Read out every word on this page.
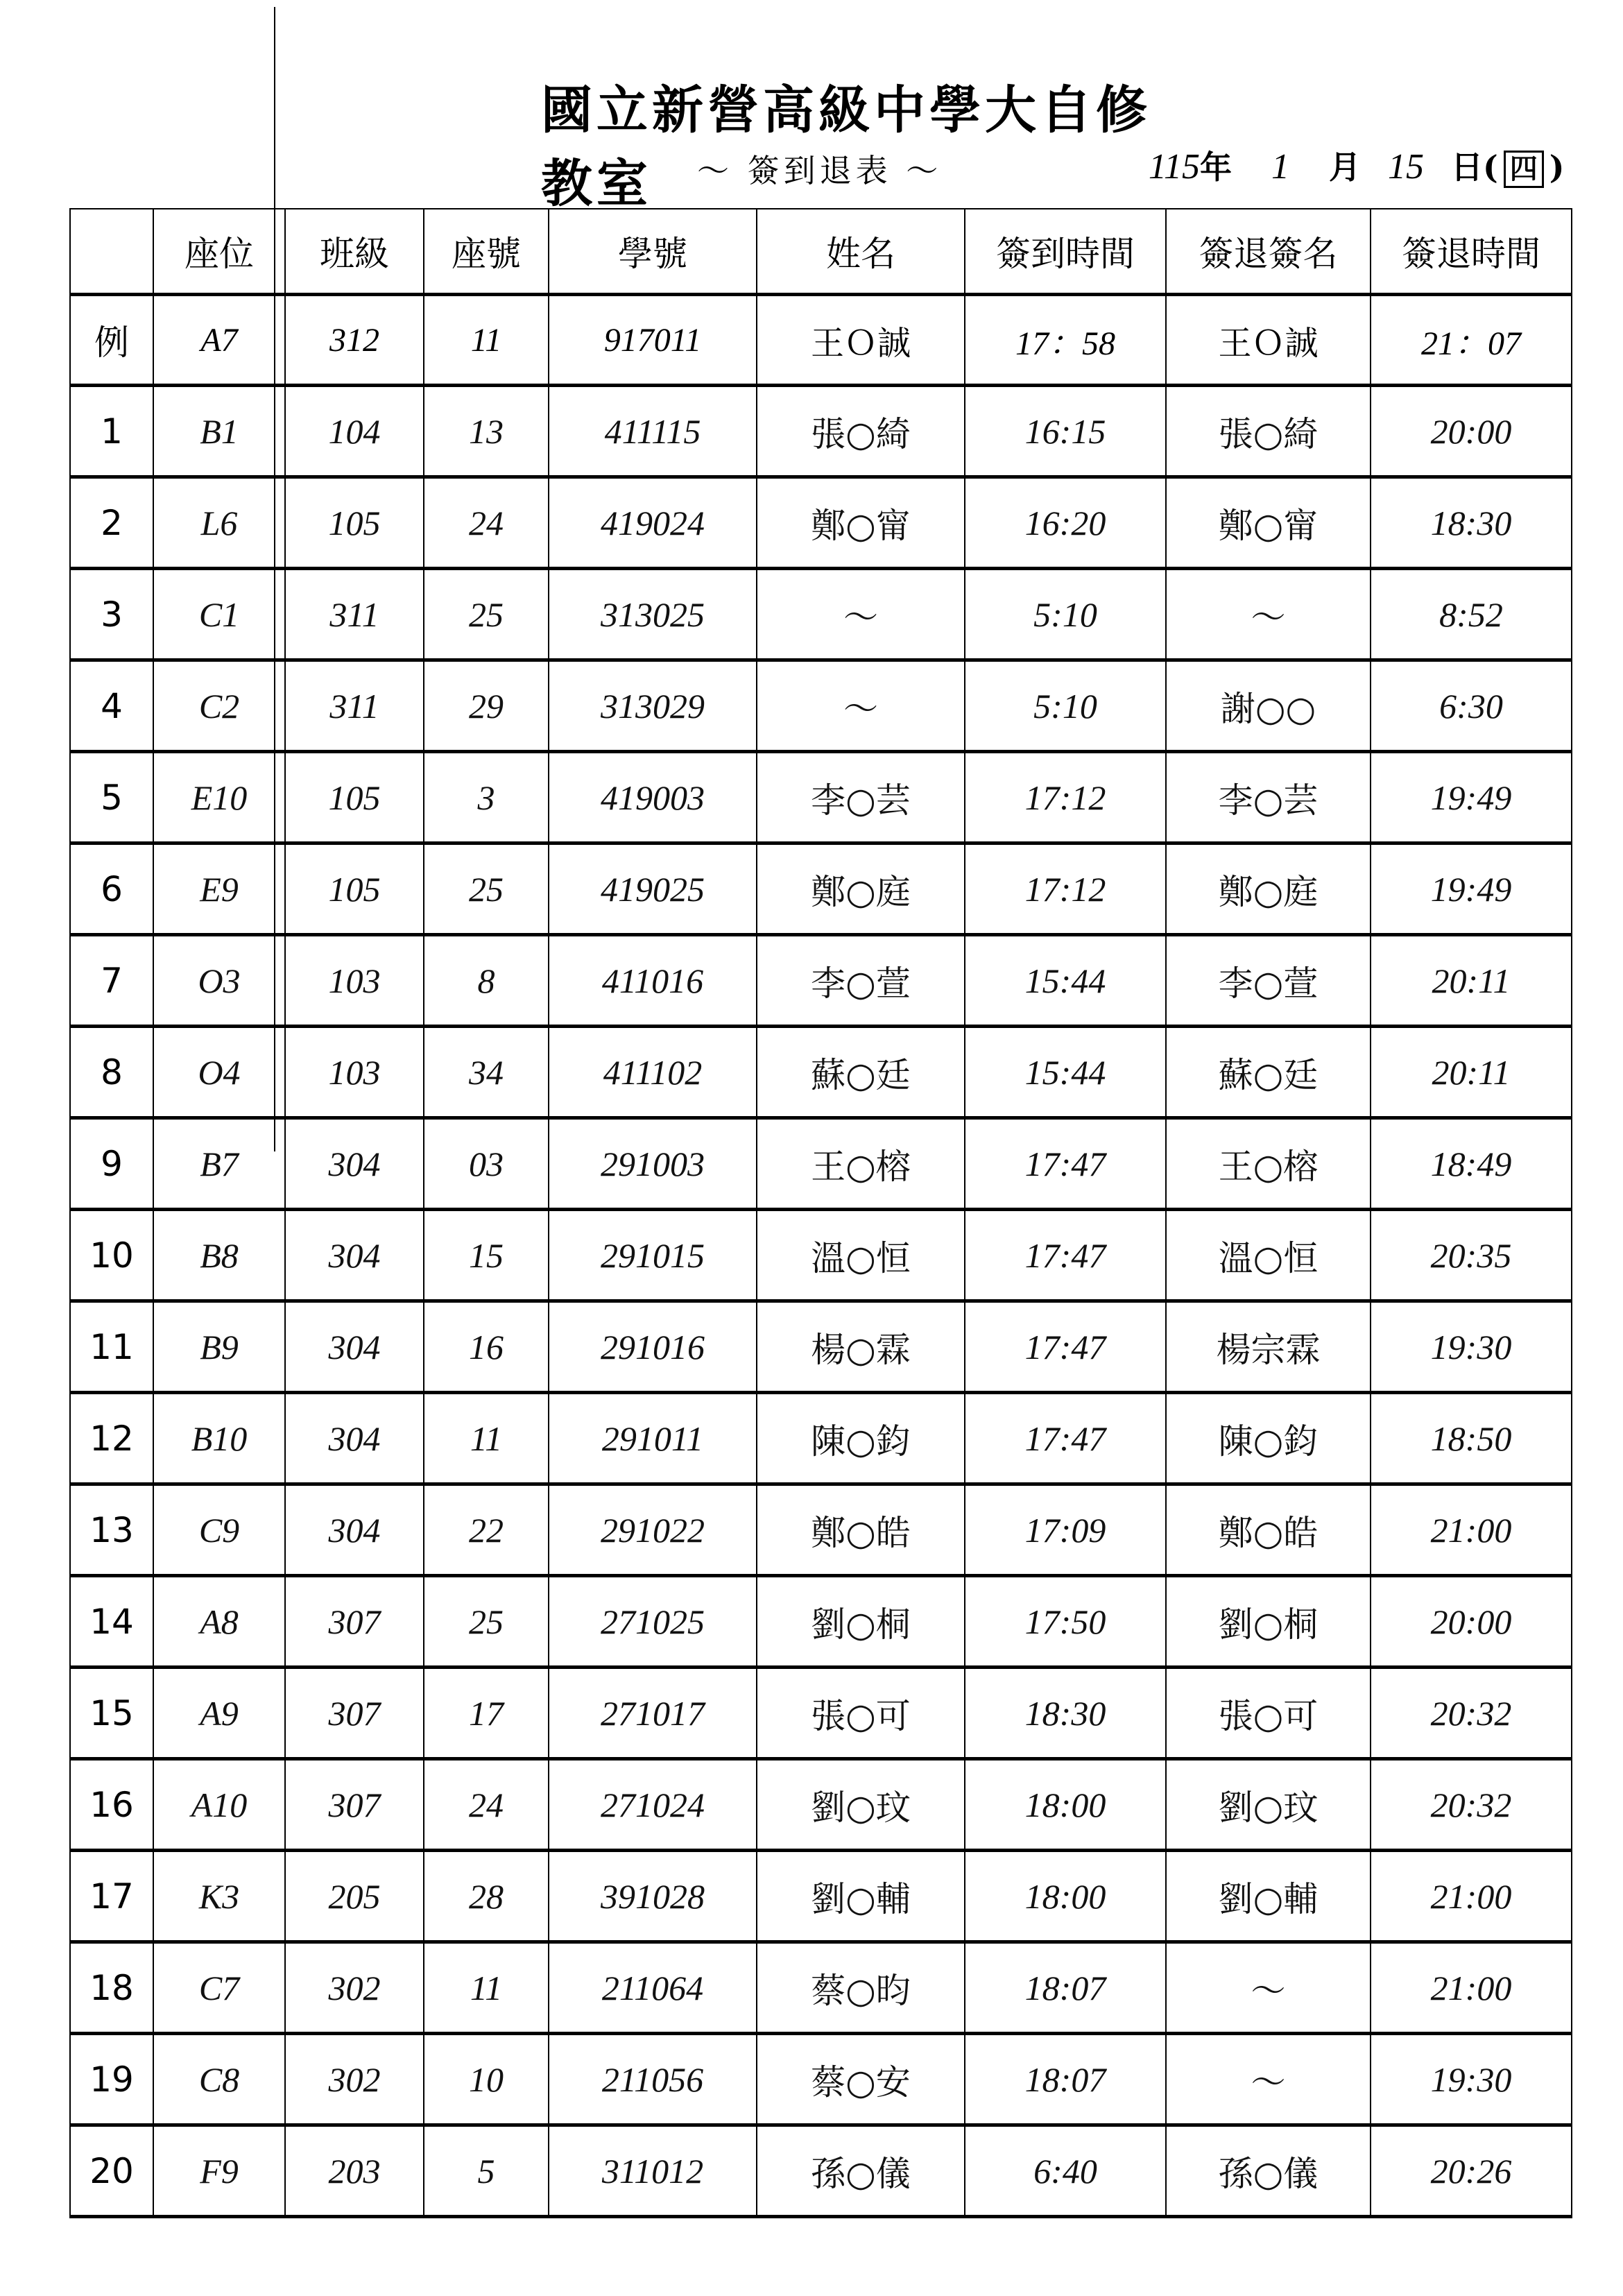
國立新營高級中學大自修教室	～ 簽到退表 ～	115 年	1	月 15 日 ( 四 )
	座位	班級	座號	學號	姓名	簽到時間	簽退簽名	簽退時間
例	A7	312	11	917011	王Ｏ誠	17：58	王Ｏ誠	21：07
1	B1	104	13	411115	張○綺	16:15	張○綺	20:00
2	L6	105	24	419024	鄭○甯	16:20	鄭○甯	18:30
3	C1	311	25	313025	〜	5:10	〜	8:52
4	C2	311	29	313029	〜	5:10	謝○○	6:30
5	E10	105	3	419003	李○芸	17:12	李○芸	19:49
6	E9	105	25	419025	鄭○庭	17:12	鄭○庭	19:49
7	O3	103	8	411016	李○萱	15:44	李○萱	20:11
8	O4	103	34	411102	蘇○廷	15:44	蘇○廷	20:11
9	B7	304	03	291003	王○榕	17:47	王○榕	18:49
10	B8	304	15	291015	溫○恒	17:47	溫○恒	20:35
11	B9	304	16	291016	楊○霖	17:47	楊宗霖	19:30
12	B10	304	11	291011	陳○鈞	17:47	陳○鈞	18:50
13	C9	304	22	291022	鄭○皓	17:09	鄭○皓	21:00
14	A8	307	25	271025	劉○桐	17:50	劉○桐	20:00
15	A9	307	17	271017	張○可	18:30	張○可	20:32
16	A10	307	24	271024	劉○玟	18:00	劉○玟	20:32
17	K3	205	28	391028	劉○輔	18:00	劉○輔	21:00
18	C7	302	11	211064	蔡○昀	18:07	〜	21:00
19	C8	302	10	211056	蔡○安	18:07	〜	19:30
20	F9	203	5	311012	孫○儀	6:40	孫○儀	20:26
